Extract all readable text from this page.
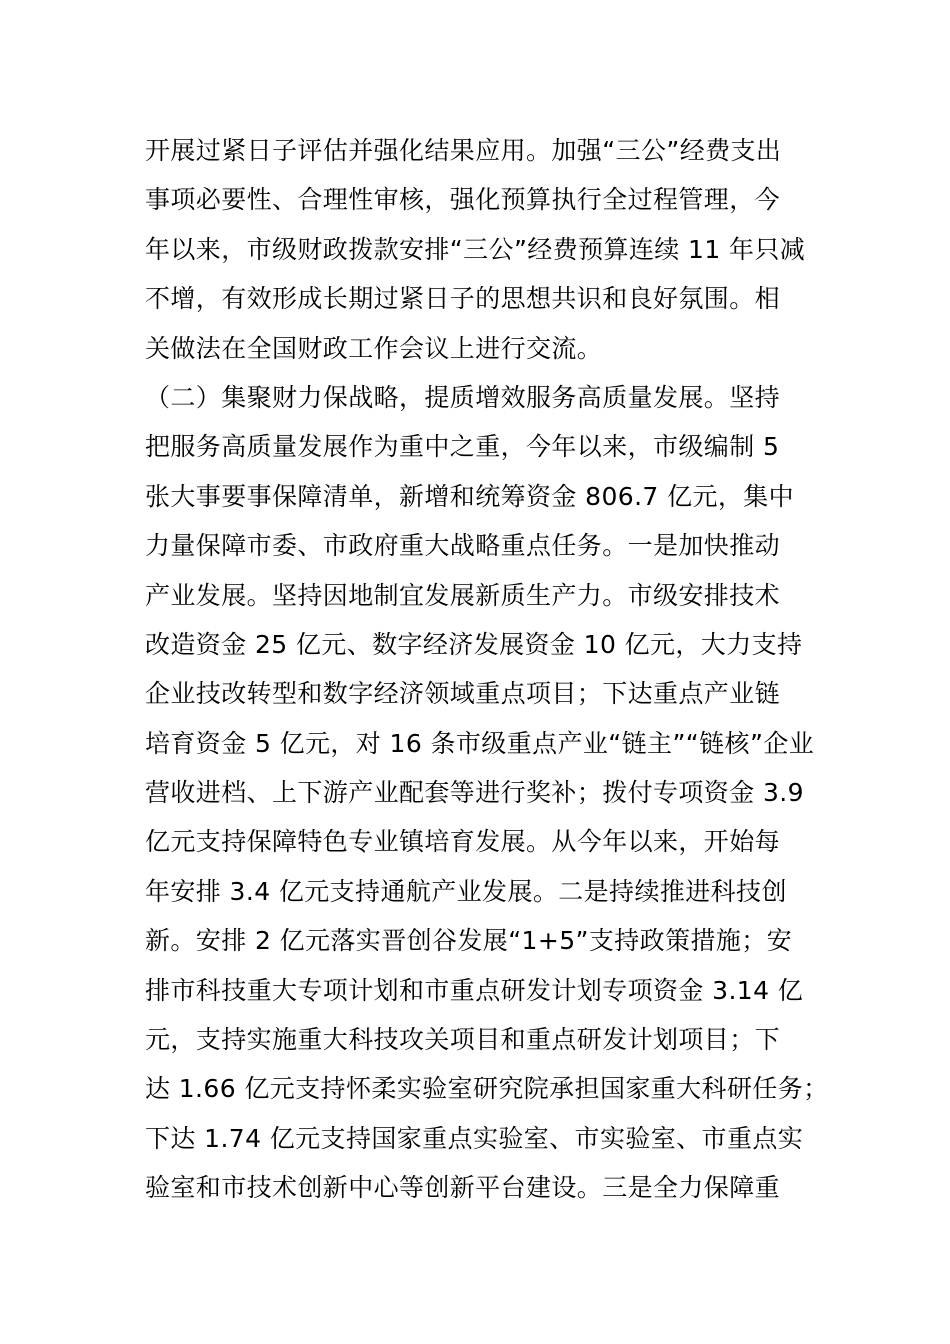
开展过紧日子评估并强化结果应用。加强“三公”经费支出
事项必要性、合理性审核，强化预算执行全过程管理，今
年以来，市级财政拨款安排“三公”经费预算连续 11 年只减
不增，有效形成长期过紧日子的思想共识和良好氛围。相
关做法在全国财政工作会议上进行交流。
（二）集聚财力保战略，提质增效服务高质量发展。坚持
把服务高质量发展作为重中之重，今年以来，市级编制 5
张大事要事保障清单，新增和统筹资金 806.7 亿元，集中
力量保障市委、市政府重大战略重点任务。一是加快推动
产业发展。坚持因地制宜发展新质生产力。市级安排技术
改造资金 25 亿元、数字经济发展资金 10 亿元，大力支持
企业技改转型和数字经济领域重点项目；下达重点产业链
培育资金 5 亿元，对 16 条市级重点产业“链主”“链核”企业
营收进档、上下游产业配套等进行奖补；拨付专项资金 3.9
亿元支持保障特色专业镇培育发展。从今年以来，开始每
年安排 3.4 亿元支持通航产业发展。二是持续推进科技创
新。安排 2 亿元落实晋创谷发展“1+5”支持政策措施；安
排市科技重大专项计划和市重点研发计划专项资金 3.14 亿
元，支持实施重大科技攻关项目和重点研发计划项目；下
达 1.66 亿元支持怀柔实验室研究院承担国家重大科研任务；
下达 1.74 亿元支持国家重点实验室、市实验室、市重点实
验室和市技术创新中心等创新平台建设。三是全力保障重
